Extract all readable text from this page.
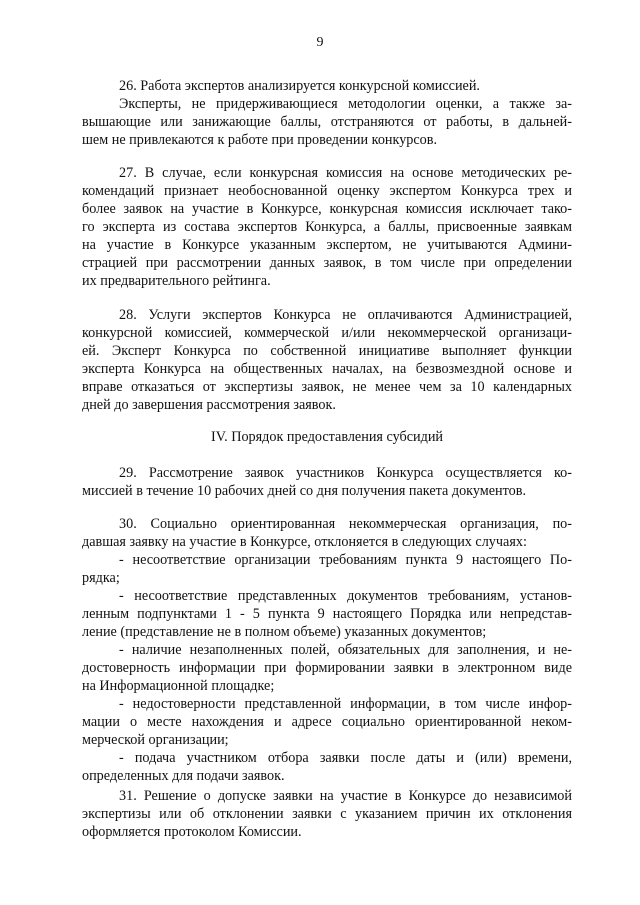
9
26. Работа экспертов анализируется конкурсной комиссией.
Эксперты, не придерживающиеся методологии оценки, а также за-
вышающие или занижающие баллы, отстраняются от работы, в дальней-
шем не привлекаются к работе при проведении конкурсов.
27. В случае, если конкурсная комиссия на основе методических ре-
комендаций признает необоснованной оценку экспертом Конкурса трех и
более заявок на участие в Конкурсе, конкурсная комиссия исключает тако-
го эксперта из состава экспертов Конкурса, а баллы, присвоенные заявкам
на участие в Конкурсе указанным экспертом, не учитываются Админи-
страцией при рассмотрении данных заявок, в том числе при определении
их предварительного рейтинга.
28. Услуги экспертов Конкурса не оплачиваются Администрацией,
конкурсной комиссией, коммерческой и/или некоммерческой организаци-
ей. Эксперт Конкурса по собственной инициативе выполняет функции
эксперта Конкурса на общественных началах, на безвозмездной основе и
вправе отказаться от экспертизы заявок, не менее чем за 10 календарных
дней до завершения рассмотрения заявок.
IV. Порядок предоставления субсидий
29. Рассмотрение заявок участников Конкурса осуществляется ко-
миссией в течение 10 рабочих дней со дня получения пакета документов.
30. Социально ориентированная некоммерческая организация, по-
давшая заявку на участие в Конкурсе, отклоняется в следующих случаях:
- несоответствие организации требованиям пункта 9 настоящего По-
рядка;
- несоответствие представленных документов требованиям, установ-
ленным подпунктами 1 - 5 пункта 9 настоящего Порядка или непредстав-
ление (представление не в полном объеме) указанных документов;
- наличие незаполненных полей, обязательных для заполнения, и не-
достоверность информации при формировании заявки в электронном виде
на Информационной площадке;
- недостоверности представленной информации, в том числе инфор-
мации о месте нахождения и адресе социально ориентированной неком-
мерческой организации;
- подача участником отбора заявки после даты и (или) времени,
определенных для подачи заявок.
31. Решение о допуске заявки на участие в Конкурсе до независимой
экспертизы или об отклонении заявки с указанием причин их отклонения
оформляется протоколом Комиссии.
